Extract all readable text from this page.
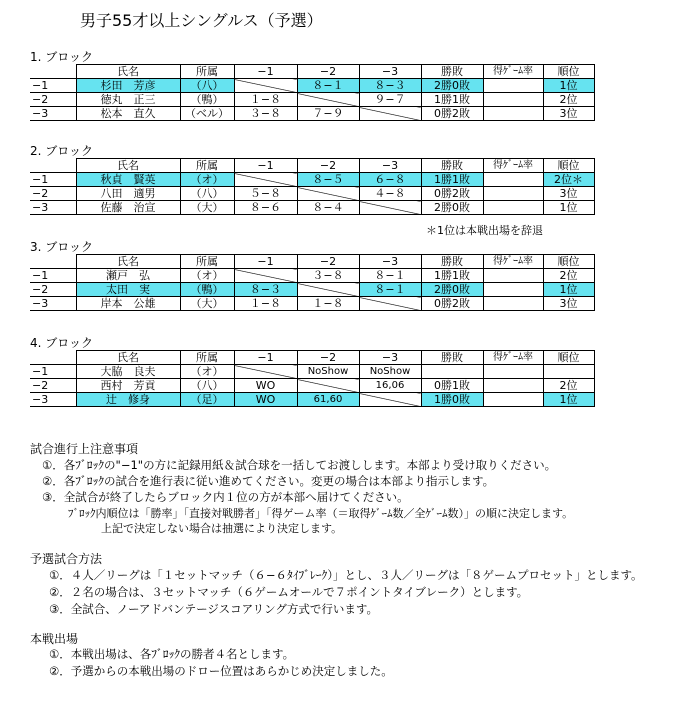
男子55才以上シングルス（予選）
1. ブロック
	氏名	所属	−1	−2	−3	勝敗	得ｹﾞｰﾑ率	順位
−1	杉田　芳彦	（八）		８−１	８−３	2勝0敗		1位
−2	徳丸　正三	（鴨）	１−８		９−７	1勝1敗		2位
−3	松本　直久	（ベル）	３−８	７−９		0勝2敗		3位
2. ブロック
	氏名	所属	−1	−2	−3	勝敗	得ｹﾞｰﾑ率	順位
−1	秋貞　賢英	（オ）		８−５	６−８	1勝1敗		2位＊
−2	八田　適男	（八）	５−８		４−８	0勝2敗		3位
−3	佐藤　治宣	（大）	８−６	８−４		2勝0敗		1位
＊1位は本戦出場を辞退
3. ブロック
	氏名	所属	−1	−2	−3	勝敗	得ｹﾞｰﾑ率	順位
−1	瀬戸　弘	（オ）		３−８	８−１	1勝1敗		2位
−2	太田　実	（鴨）	８−３		８−１	2勝0敗		1位
−3	岸本　公雄	（大）	１−８	１−８		0勝2敗		3位
4. ブロック
	氏名	所属	−1	−2	−3	勝敗	得ｹﾞｰﾑ率	順位
−1	大脇　良夫	（オ）		NoShow	NoShow			
−2	西村　芳貢	（八）	WO		16,06	0勝1敗		2位
−3	辻　修身	（足）	WO	61,60		1勝0敗		1位
試合進行上注意事項
①．各ﾌﾞﾛｯｸの"−1"の方に記録用紙＆試合球を一括してお渡しします。本部より受け取りください。
②．各ﾌﾞﾛｯｸの試合を進行表に従い進めてください。変更の場合は本部より指示します。
③．全試合が終了したらブロック内１位の方が本部へ届けてください。
ﾌﾞﾛｯｸ内順位は「勝率」「直接対戦勝者」「得ゲーム率（＝取得ｹﾞｰﾑ数／全ｹﾞｰﾑ数）」の順に決定します。
上記で決定しない場合は抽選により決定します。
予選試合方法
①．４人／リーグは「１セットマッチ（６−６ﾀｲﾌﾞﾚｰｸ）」とし、３人／リーグは「８ゲームプロセット」とします。
②．２名の場合は、３セットマッチ（６ゲームオールで７ポイントタイブレーク）とします。
③．全試合、ノーアドバンテージスコアリング方式で行います。
本戦出場
①．本戦出場は、各ﾌﾞﾛｯｸの勝者４名とします。
②．予選からの本戦出場のドロー位置はあらかじめ決定しました。
